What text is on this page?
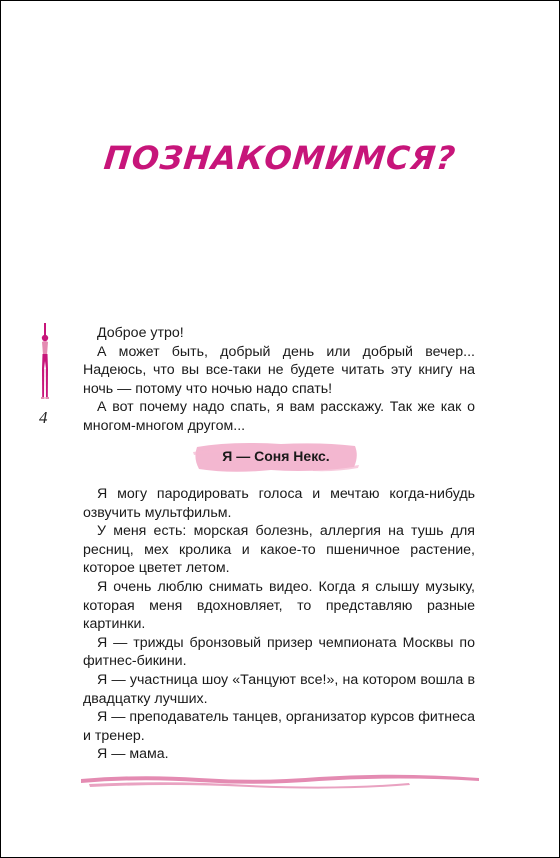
ПОЗНАКОМИМСЯ?
4

Доброе утро!

А может быть, добрый день или добрый вечер... Надеюсь, что вы все-таки не будете читать эту книгу на ночь — потому что ночью надо спать!

А вот почему надо спать, я вам расскажу. Так же как о многом-многом другом...

Я — Соня Некс.

Я могу пародировать голоса и мечтаю когда-нибудь озвучить мультфильм.

У меня есть: морская болезнь, аллергия на тушь для ресниц, мех кролика и какое-то пшеничное растение, которое цветет летом.

Я очень люблю снимать видео. Когда я слышу музыку, которая меня вдохновляет, то представляю разные картинки.

Я — трижды бронзовый призер чемпионата Москвы по фитнес-бикини.

Я — участница шоу «Танцуют все!», на котором вошла в двадцатку лучших.

Я — преподаватель танцев, организатор курсов фитнеса и тренер.

Я — мама.
